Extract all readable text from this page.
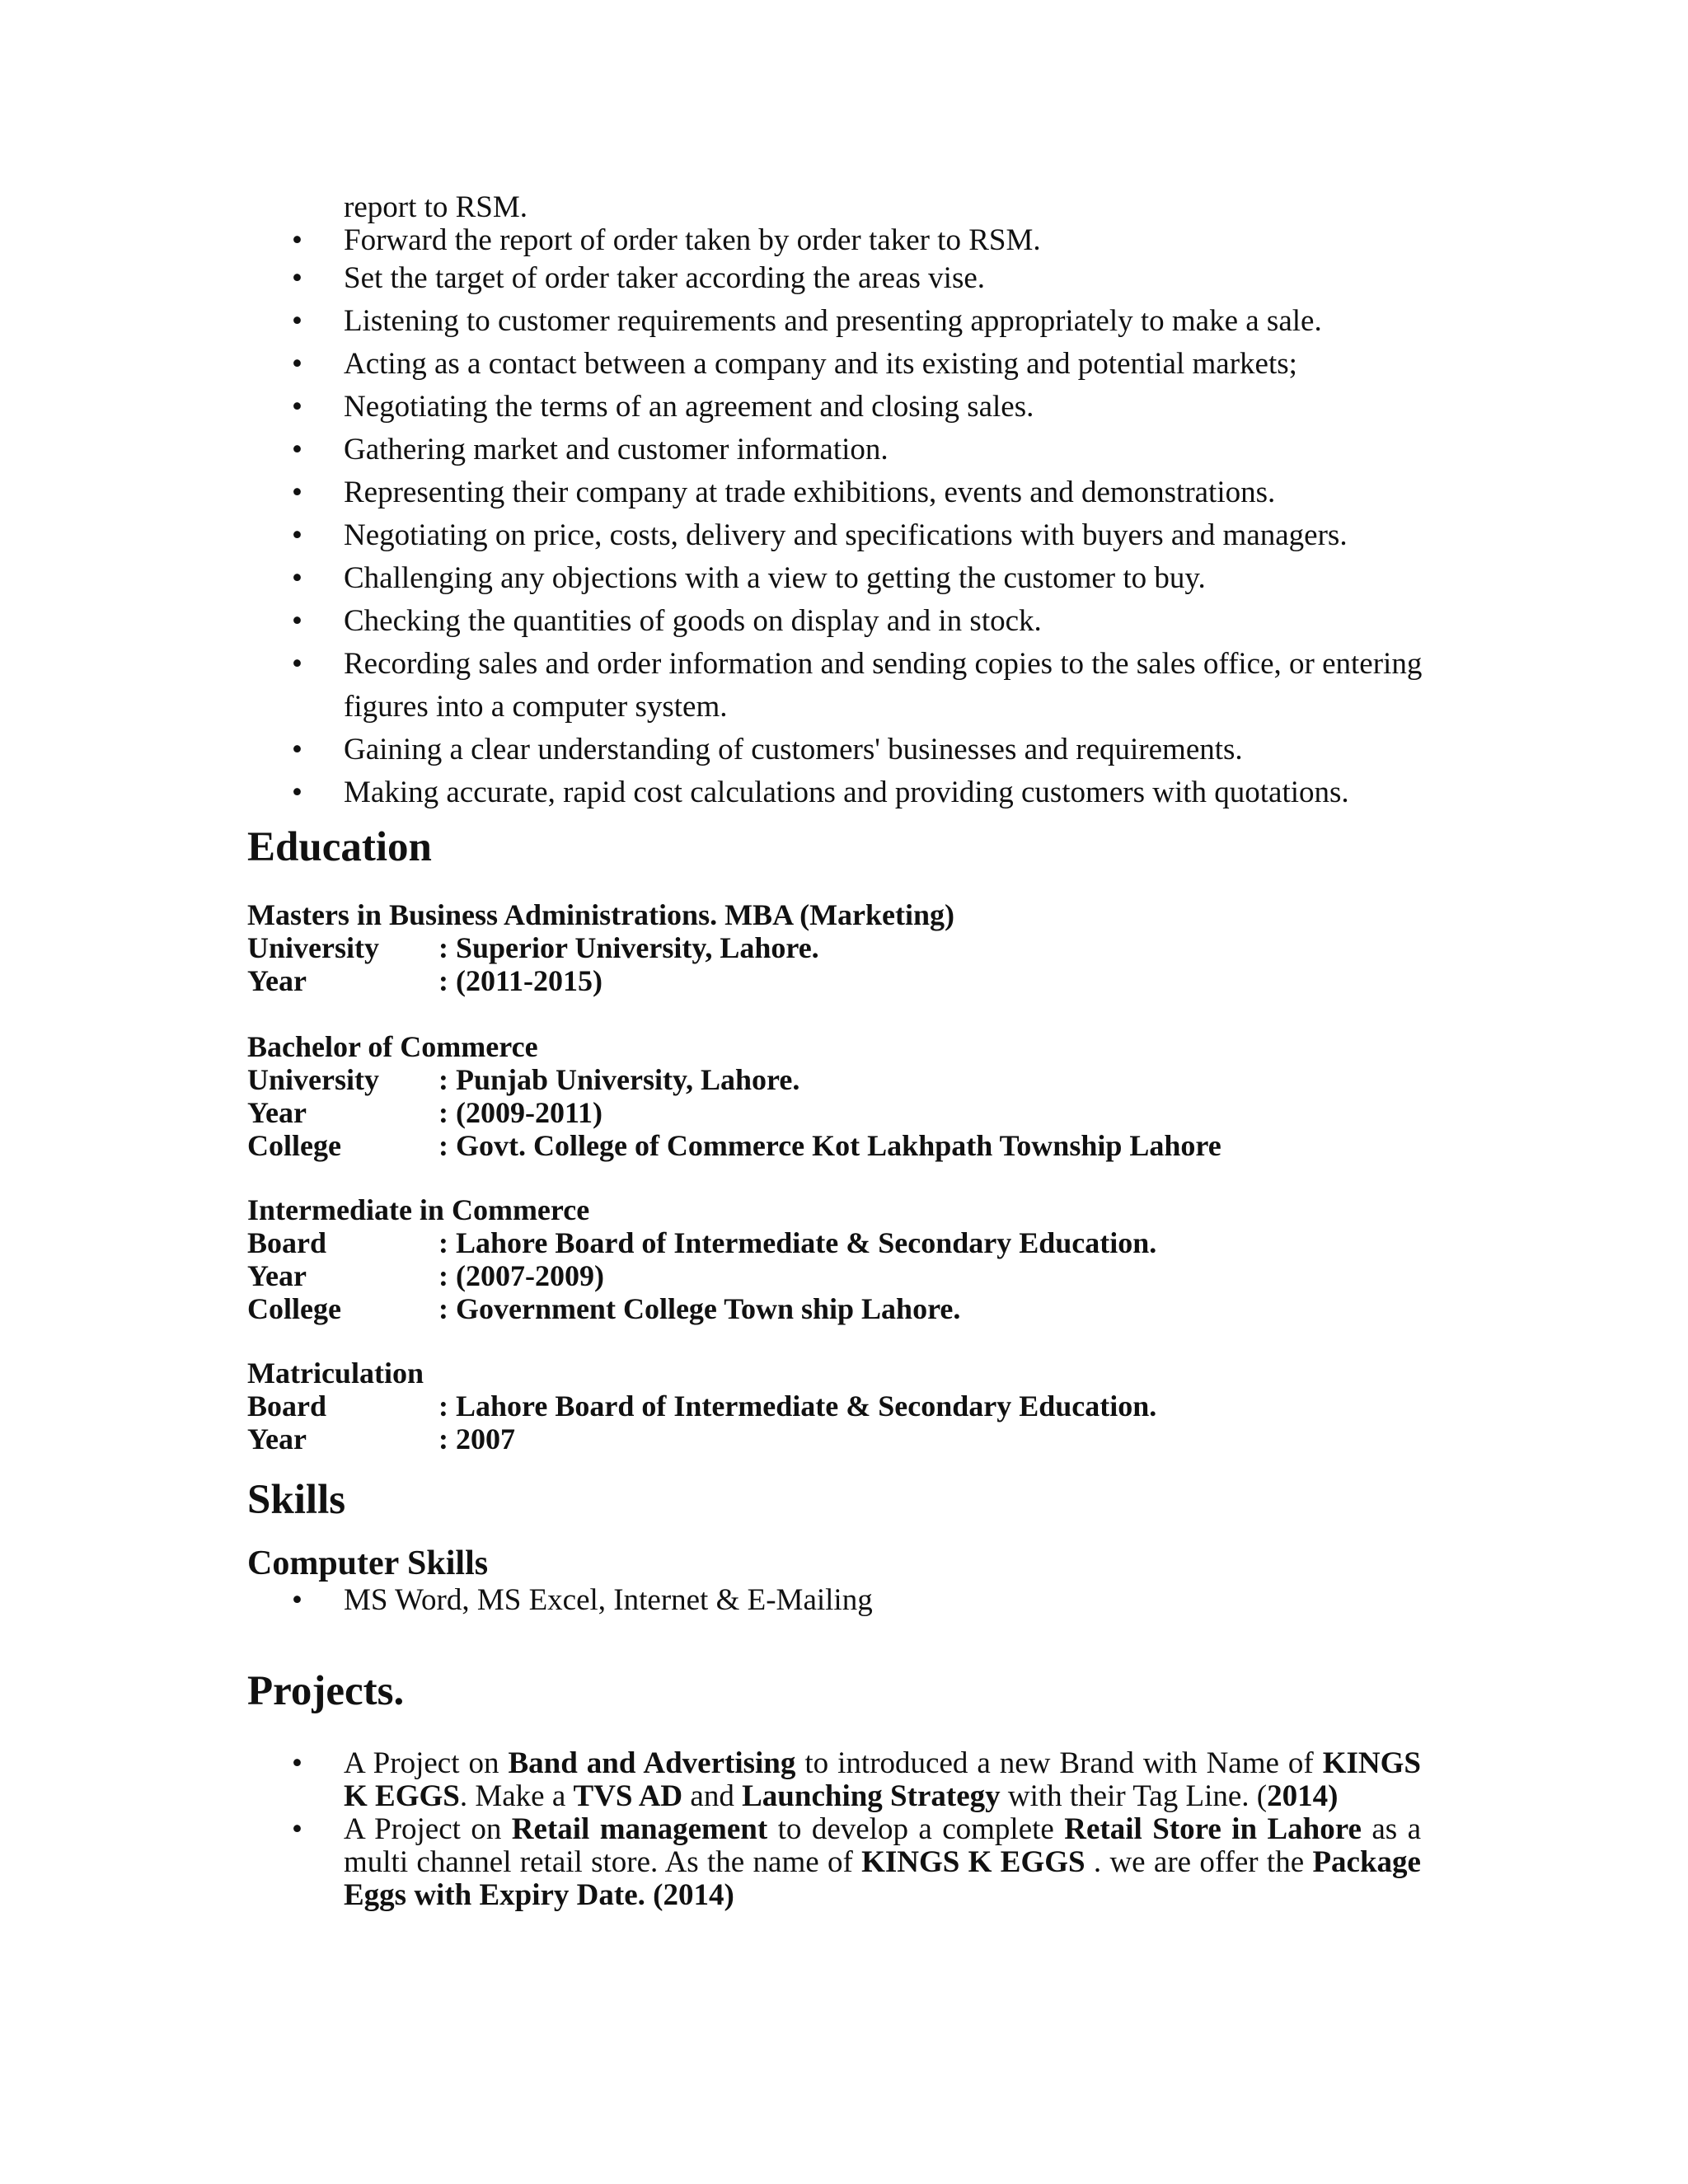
report to RSM.
• Forward the report of order taken by order taker to RSM.
• Set the target of order taker according the areas vise.
• Listening to customer requirements and presenting appropriately to make a sale.
• Acting as a contact between a company and its existing and potential markets;
• Negotiating the terms of an agreement and closing sales.
• Gathering market and customer information.
• Representing their company at trade exhibitions, events and demonstrations.
• Negotiating on price, costs, delivery and specifications with buyers and managers.
• Challenging any objections with a view to getting the customer to buy.
• Checking the quantities of goods on display and in stock.
• Recording sales and order information and sending copies to the sales office, or entering figures into a computer system.
• Gaining a clear understanding of customers' businesses and requirements.
• Making accurate, rapid cost calculations and providing customers with quotations.
Education
Masters in Business Administrations. MBA (Marketing)
University	: Superior University, Lahore.
Year	: (2011-2015)
Bachelor of Commerce
University	: Punjab University, Lahore.
Year	: (2009-2011)
College	: Govt. College of Commerce Kot Lakhpath Township Lahore
Intermediate in Commerce
Board	: Lahore Board of Intermediate & Secondary Education.
Year	: (2007-2009)
College	: Government College Town ship Lahore.
Matriculation
Board	: Lahore Board of Intermediate & Secondary Education.
Year	: 2007
Skills
Computer Skills
• MS Word, MS Excel, Internet & E-Mailing
Projects.
• A Project on Band and Advertising to introduced a new Brand with Name of KINGS K EGGS. Make a TVS AD and Launching Strategy with their Tag Line. (2014)
• A Project on Retail management to develop a complete Retail Store in Lahore as a multi channel retail store. As the name of KINGS K EGGS . we are offer the Package Eggs with Expiry Date. (2014)
